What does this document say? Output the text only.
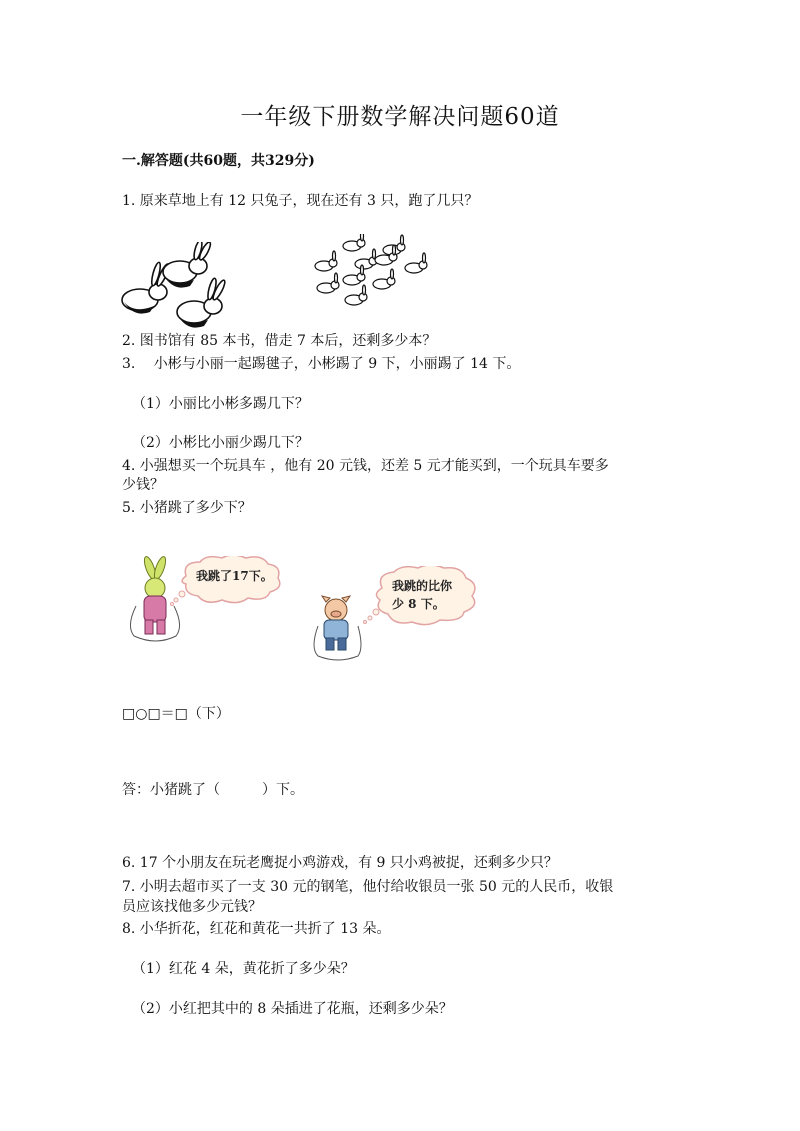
一年级下册数学解决问题60道
一.解答题(共60题，共329分)
1. 原来草地上有 12 只兔子，现在还有 3 只，跑了几只？
2. 图书馆有 85 本书，借走 7 本后，还剩多少本？
3.　 小彬与小丽一起踢毽子，小彬踢了 9 下，小丽踢了 14 下。
（1）小丽比小彬多踢几下？
（2）小彬比小丽少踢几下？
4. 小强想买一个玩具车 ，他有 20 元钱，还差 5 元才能买到，一个玩具车要多
少钱？
5. 小猪跳了多少下？
我跳了17下。
我跳的比你
少 8 下。
□○□＝□（下）
答：小猪跳了（　　　）下。
6. 17 个小朋友在玩老鹰捉小鸡游戏，有 9 只小鸡被捉，还剩多少只？
7. 小明去超市买了一支 30 元的钢笔，他付给收银员一张 50 元的人民币，收银
员应该找他多少元钱？
8. 小华折花，红花和黄花一共折了 13 朵。
（1）红花 4 朵，黄花折了多少朵？
（2）小红把其中的 8 朵插进了花瓶，还剩多少朵？
